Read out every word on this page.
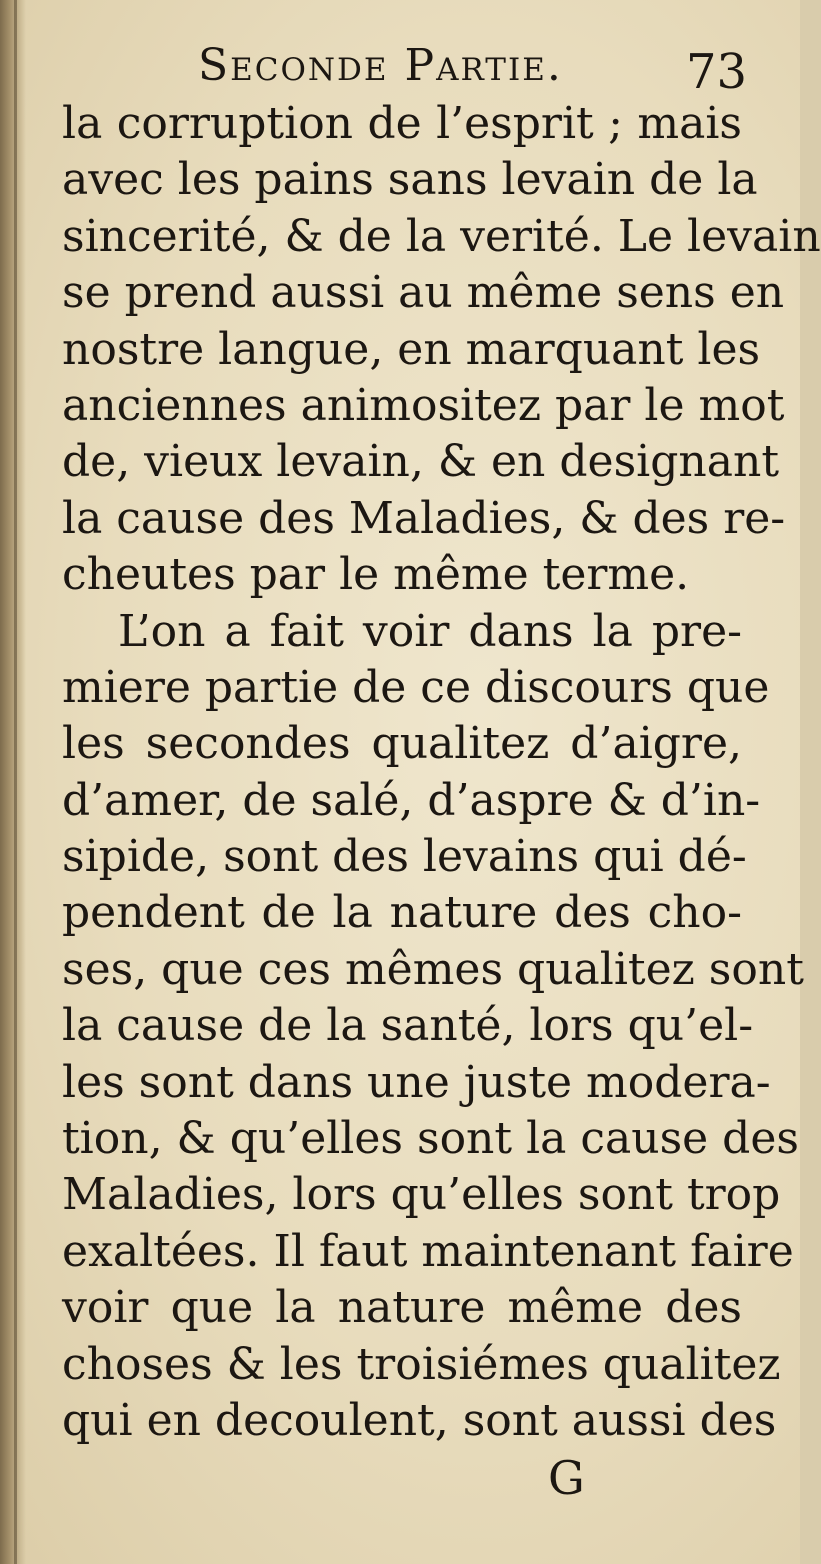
Seconde Partie.	73
la corruption de l’esprit ; mais
avec les pains sans levain de la
sincerité, & de la verité. Le levain
se prend aussi au même sens en
nostre langue, en marquant les
anciennes animositez par le mot
de, vieux levain, & en designant
la cause des Maladies, & des re-
cheutes par le même terme.
L’on a fait voir dans la pre-
miere partie de ce discours que
les secondes qualitez d’aigre,
d’amer, de salé, d’aspre & d’in-
sipide, sont des levains qui dé-
pendent de la nature des cho-
ses, que ces mêmes qualitez sont
la cause de la santé, lors qu’el-
les sont dans une juste modera-
tion, & qu’elles sont la cause des
Maladies, lors qu’elles sont trop
exaltées. Il faut maintenant faire
voir que la nature même des
choses & les troisiémes qualitez
qui en decoulent, sont aussi des
G
